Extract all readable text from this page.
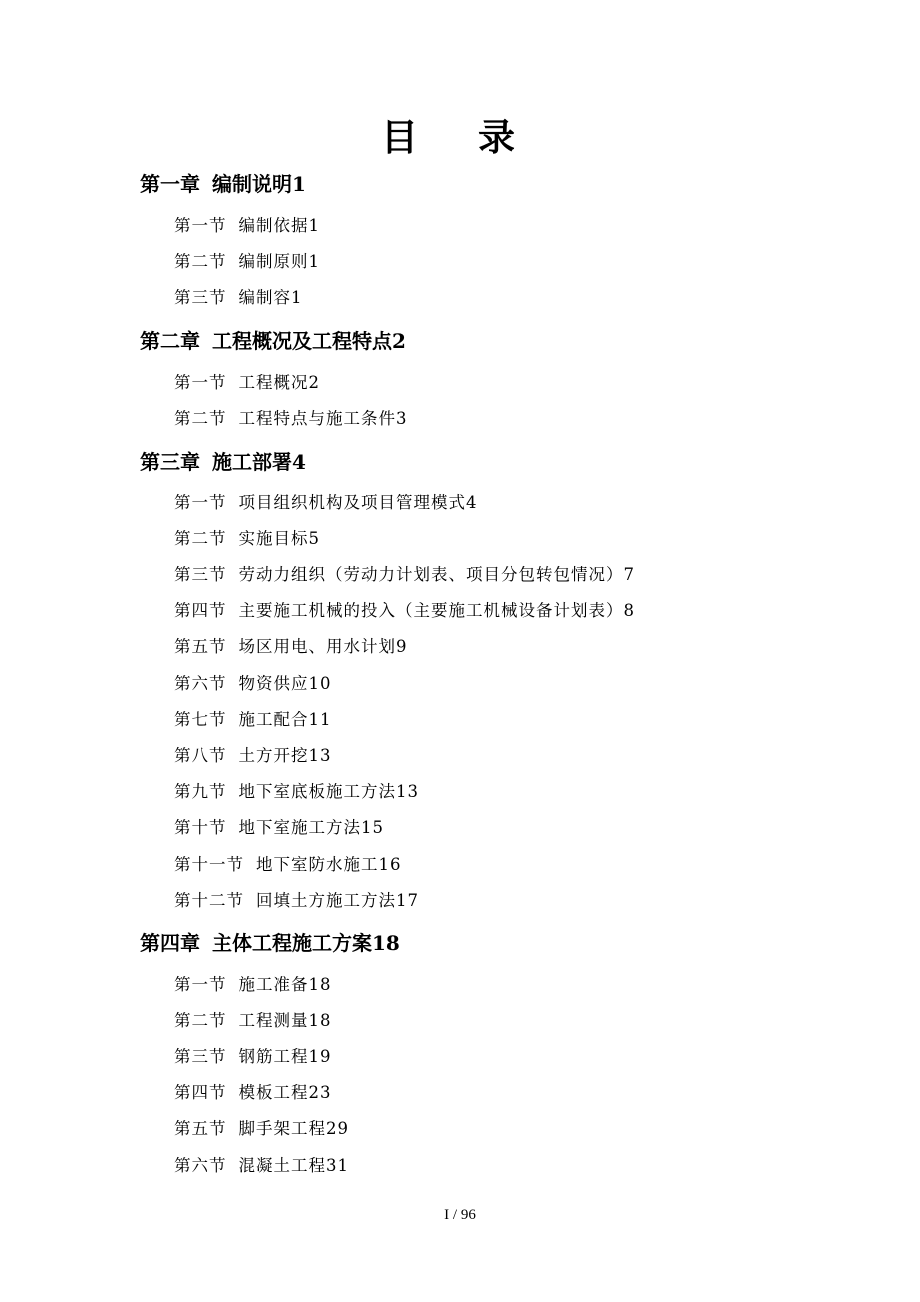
目录
第一章 编制说明1
第一节 编制依据1
第二节 编制原则1
第三节 编制容1
第二章 工程概况及工程特点2
第一节 工程概况2
第二节 工程特点与施工条件3
第三章 施工部署4
第一节 项目组织机构及项目管理模式4
第二节 实施目标5
第三节 劳动力组织（劳动力计划表、项目分包转包情况）7
第四节 主要施工机械的投入（主要施工机械设备计划表）8
第五节 场区用电、用水计划9
第六节 物资供应10
第七节 施工配合11
第八节 土方开挖13
第九节 地下室底板施工方法13
第十节 地下室施工方法15
第十一节 地下室防水施工16
第十二节 回填土方施工方法17
第四章 主体工程施工方案18
第一节 施工准备18
第二节 工程测量18
第三节 钢筋工程19
第四节 模板工程23
第五节 脚手架工程29
第六节 混凝土工程31
I / 96
